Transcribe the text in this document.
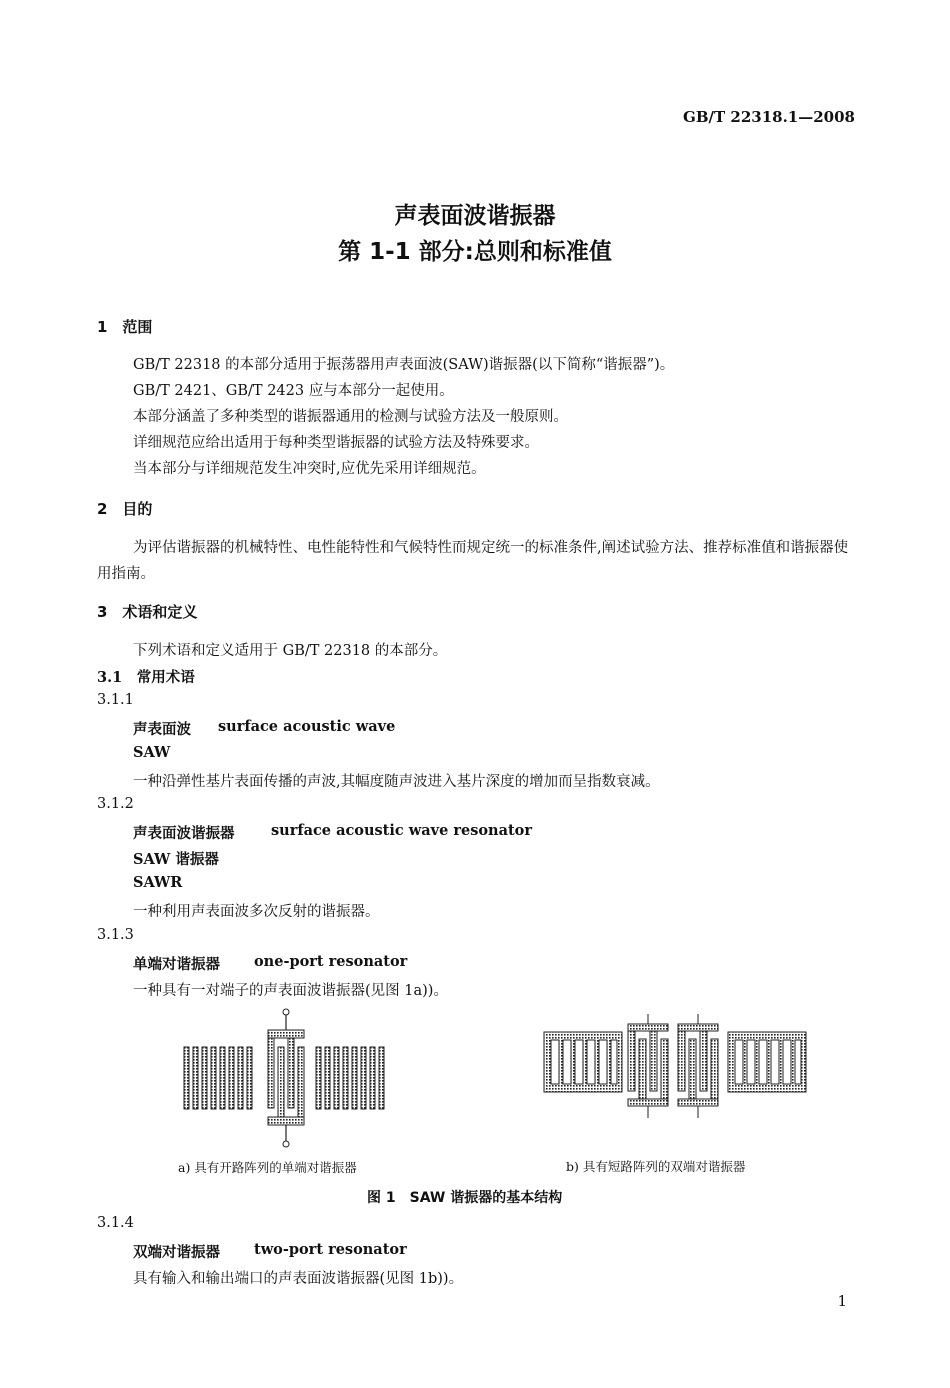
GB/T 22318.1—2008
声表面波谐振器
第 1-1 部分:总则和标准值
1　范围
GB/T 22318 的本部分适用于振荡器用声表面波(SAW)谐振器(以下简称“谐振器”)。
GB/T 2421、GB/T 2423 应与本部分一起使用。
本部分涵盖了多种类型的谐振器通用的检测与试验方法及一般原则。
详细规范应给出适用于每种类型谐振器的试验方法及特殊要求。
当本部分与详细规范发生冲突时,应优先采用详细规范。
2　目的
为评估谐振器的机械特性、电性能特性和气候特性而规定统一的标准条件,阐述试验方法、推荐标准值和谐振器使用指南。
3　术语和定义
下列术语和定义适用于 GB/T 22318 的本部分。
3.1　常用术语
3.1.1
声表面波 surface acoustic wave
SAW
一种沿弹性基片表面传播的声波,其幅度随声波进入基片深度的增加而呈指数衰减。
3.1.2
声表面波谐振器	surface acoustic wave resonator
SAW 谐振器
SAWR
一种利用声表面波多次反射的谐振器。
3.1.3
单端对谐振器 one-port resonator
一种具有一对端子的声表面波谐振器(见图 1a))。
a) 具有开路阵列的单端对谐振器	b) 具有短路阵列的双端对谐振器
图 1　SAW 谐振器的基本结构
3.1.4
双端对谐振器 two-port resonator
具有输入和输出端口的声表面波谐振器(见图 1b))。
1
